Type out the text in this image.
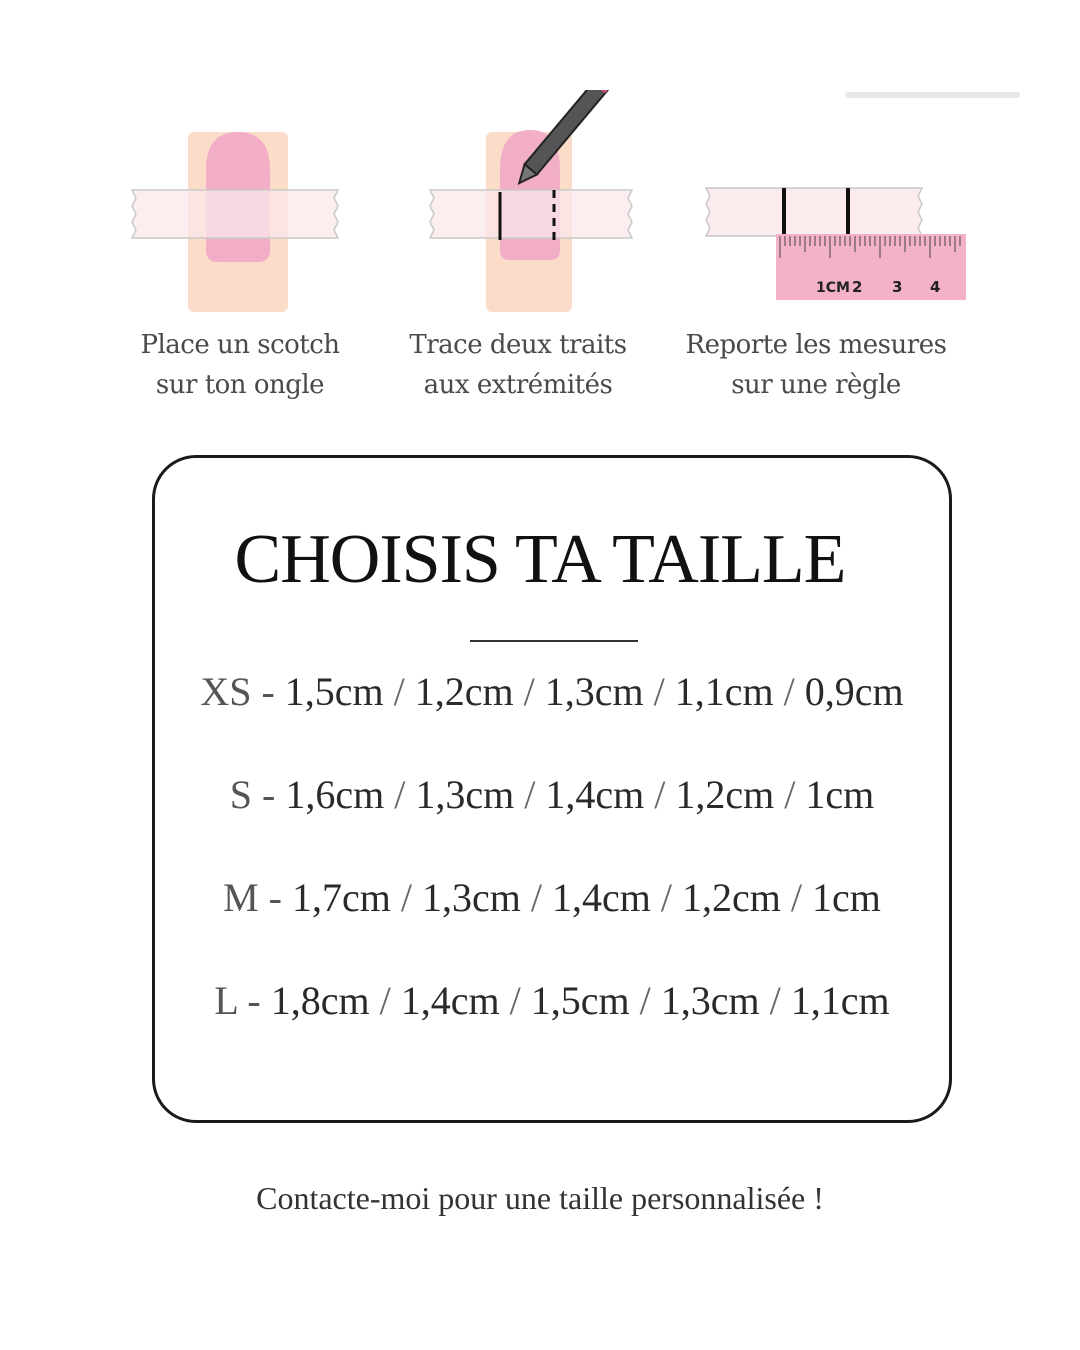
Place un scotch
sur ton ongle
Trace deux traits
aux extrémités
1CM 2 3 4
Reporte les mesures
sur une règle
CHOISIS TA TAILLE
XS - 1,5cm / 1,2cm / 1,3cm / 1,1cm / 0,9cm
S - 1,6cm / 1,3cm / 1,4cm / 1,2cm / 1cm
M - 1,7cm / 1,3cm / 1,4cm / 1,2cm / 1cm
L - 1,8cm / 1,4cm / 1,5cm / 1,3cm / 1,1cm
Contacte-moi pour une taille personnalisée !
